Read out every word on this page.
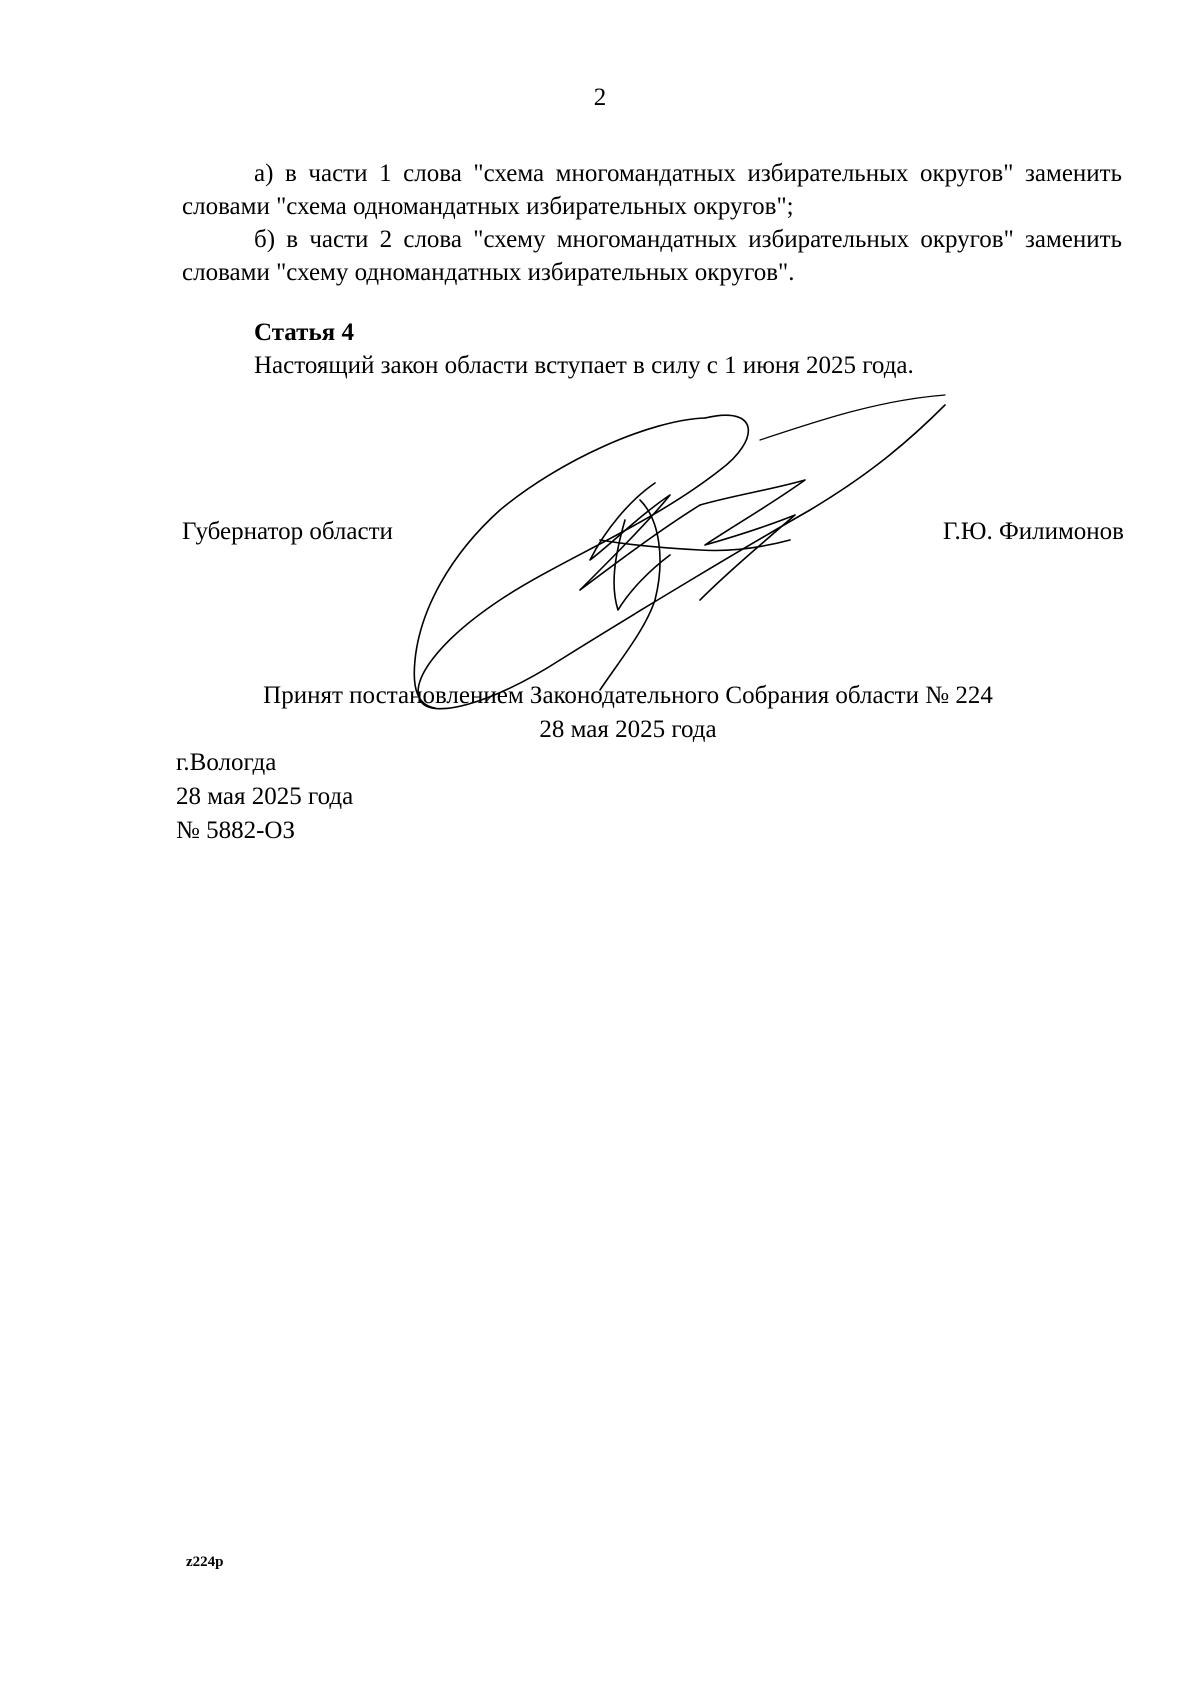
2
а) в части 1 слова "схема многомандатных избирательных округов" заменить словами "схема одномандатных избирательных округов";
б) в части 2 слова "схему многомандатных избирательных округов" заменить словами "схему одномандатных избирательных округов".
Статья 4
Настоящий закон области вступает в силу с 1 июня 2025 года.
Губернатор области	Г.Ю. Филимонов
Принят постановлением Законодательного Собрания области № 224
28 мая 2025 года
г.Вологда
28 мая 2025 года
№ 5882-ОЗ
z224p
